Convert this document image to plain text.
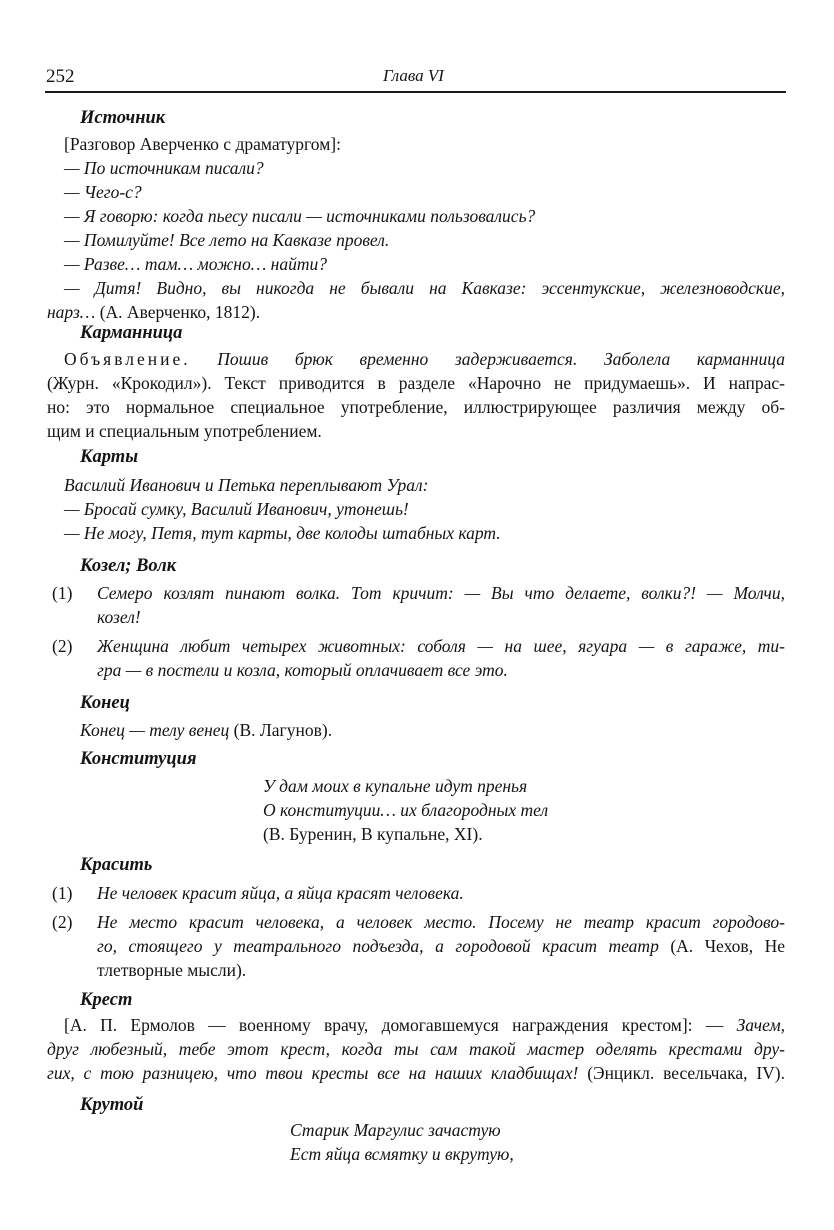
252	Глава VI
Источник
[Разговор Аверченко с драматургом]:
— По источникам писали?
— Чего-с?
— Я говорю: когда пьесу писали — источниками пользовались?
— Помилуйте! Все лето на Кавказе провел.
— Разве… там… можно… найти?
— Дитя! Видно, вы никогда не бывали на Кавказе: эссентукские, железноводские,
нарз… (А. Аверченко, 1812).
Карманница
Объявление. Пошив брюк временно задерживается. Заболела карманница
(Журн. «Крокодил»). Текст приводится в разделе «Нарочно не придумаешь». И напрас-
но: это нормальное специальное употребление, иллюстрирующее различия между об-
щим и специальным употреблением.
Карты
Василий Иванович и Петька переплывают Урал:
— Бросай сумку, Василий Иванович, утонешь!
— Не могу, Петя, тут карты, две колоды штабных карт.
Козел; Волк
(1) Семеро козлят пинают волка. Тот кричит: — Вы что делаете, волки?! — Молчи,
козел!
(2) Женщина любит четырех животных: соболя — на шее, ягуара — в гараже, ти-
гра — в постели и козла, который оплачивает все это.
Конец
Конец — телу венец (В. Лагунов).
Конституция
У дам моих в купальне идут пренья
О конституции… их благородных тел
(В. Буренин, В купальне, XI).
Красить
(1) Не человек красит яйца, а яйца красят человека.
(2) Не место красит человека, а человек место. Посему не театр красит городово-
го, стоящего у театрального подъезда, а городовой красит театр (А. Чехов, Не
тлетворные мысли).
Крест
[А. П. Ермолов — военному врачу, домогавшемуся награждения крестом]: — Зачем,
друг любезный, тебе этот крест, когда ты сам такой мастер оделять крестами дру-
гих, с тою разницею, что твои кресты все на наших кладбищах! (Энцикл. весельчака, IV).
Крутой
Старик Маргулис зачастую
Ест яйца всмятку и вкрутую,
